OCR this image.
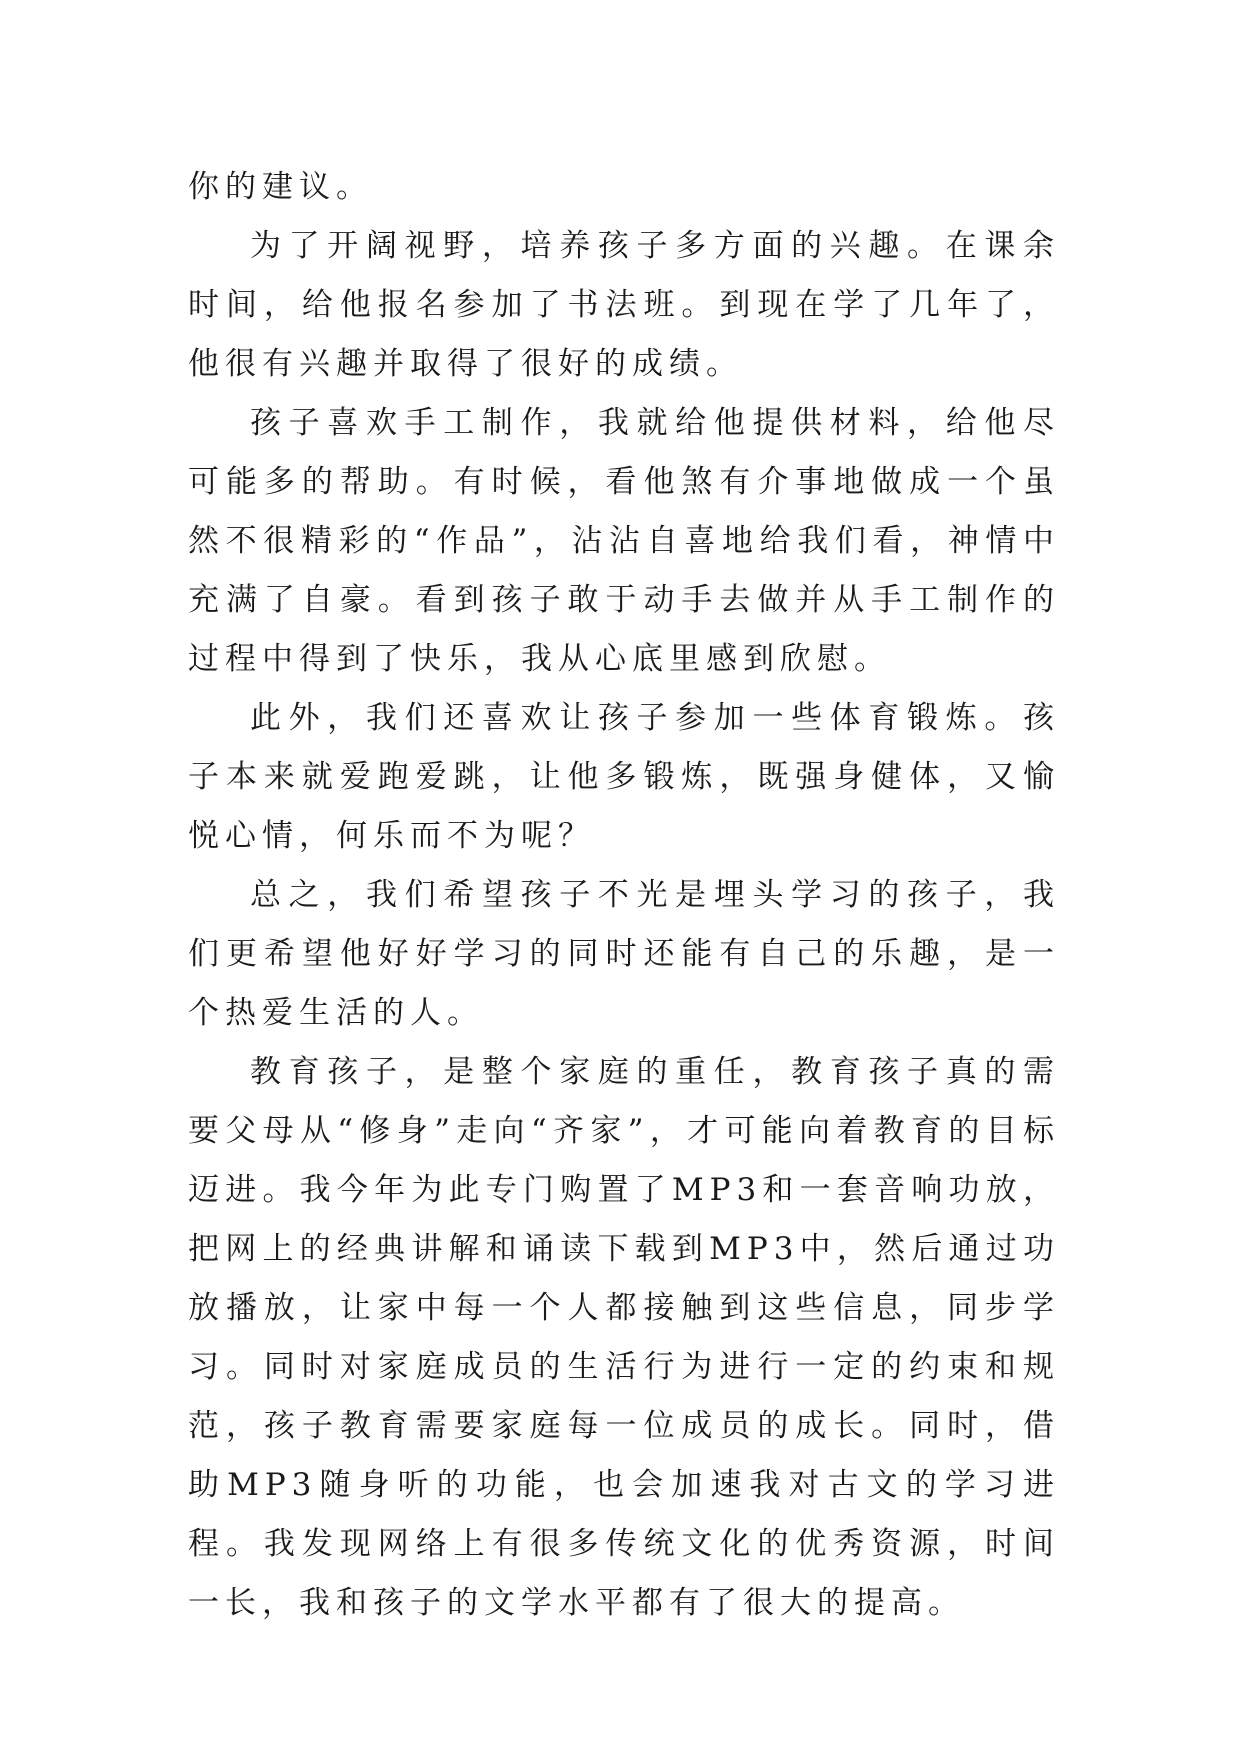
你的建议。

为了开阔视野，培养孩子多方面的兴趣。在课余时间，给他报名参加了书法班。到现在学了几年了，他很有兴趣并取得了很好的成绩。

孩子喜欢手工制作，我就给他提供材料，给他尽可能多的帮助。有时候，看他煞有介事地做成一个虽然不很精彩的“作品”，沾沾自喜地给我们看，神情中充满了自豪。看到孩子敢于动手去做并从手工制作的过程中得到了快乐，我从心底里感到欣慰。

此外，我们还喜欢让孩子参加一些体育锻炼。孩子本来就爱跑爱跳，让他多锻炼，既强身健体，又愉悦心情，何乐而不为呢？

总之，我们希望孩子不光是埋头学习的孩子，我们更希望他好好学习的同时还能有自己的乐趣，是一个热爱生活的人。

教育孩子，是整个家庭的重任，教育孩子真的需要父母从“修身”走向“齐家”，才可能向着教育的目标迈进。我今年为此专门购置了MP3和一套音响功放，把网上的经典讲解和诵读下载到MP3中，然后通过功放播放，让家中每一个人都接触到这些信息，同步学习。同时对家庭成员的生活行为进行一定的约束和规范，孩子教育需要家庭每一位成员的成长。同时，借助MP3随身听的功能，也会加速我对古文的学习进程。我发现网络上有很多传统文化的优秀资源，时间一长，我和孩子的文学水平都有了很大的提高。
